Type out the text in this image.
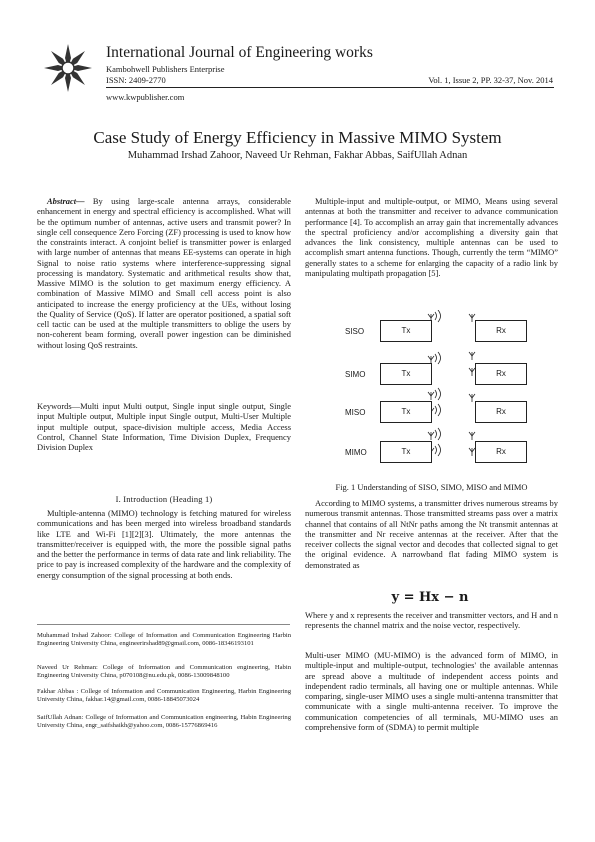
International Journal of Engineering works
Kambohwell Publishers Enterprise
ISSN: 2409-2770	Vol. 1, Issue 2, PP. 32-37, Nov. 2014
www.kwpublisher.com
Case Study of Energy Efficiency in Massive MIMO System
Muhammad Irshad Zahoor, Naveed Ur Rehman, Fakhar Abbas, SaifUllah Adnan

Abstract— By using large-scale antenna arrays, considerable enhancement in energy and spectral efficiency is accomplished. What will be the optimum number of antennas, active users and transmit power? In single cell consequence Zero Forcing (ZF) processing is used to know how the constraints interact. A conjoint belief is transmitter power is enlarged with large number of antennas that means EE-systems can operate in high Signal to noise ratio systems where interference-suppressing signal processing is mandatory. Systematic and arithmetical results show that, Massive MIMO is the solution to get maximum energy efficiency. A combination of Massive MIMO and Small cell access point is also anticipated to increase the energy proficiency at the UEs, without losing the Quality of Service (QoS). If latter are operator positioned, a spatial soft cell tactic can be used at the multiple transmitters to oblige the users by non-coherent beam forming, overall power ingestion can be diminished without losing QoS restraints.

Keywords—Multi input Multi output, Single input single output, Single input Multiple output, Multiple input Single output, Multi-User Multiple input multiple output, space-division multiple access, Media Access Control, Channel State Information, Time Division Duplex, Frequency Division Duplex

I. Introduction (Heading 1)

Multiple-antenna (MIMO) technology is fetching matured for wireless communications and has been merged into wireless broadband standards like LTE and Wi-Fi [1][2][3]. Ultimately, the more antennas the transmitter/receiver is equipped with, the more the possible signal paths and the better the performance in terms of data rate and link reliability. The price to pay is increased complexity of the hardware and the complexity of energy consumption of the signal processing at both ends.

Muhammad Irshad Zahoor: College of Information and Communication Engineering Harbin Engineering University China, engineerirshad89@gmail.com, 0086-18346193101
Naveed Ur Rehman: College of Information and Communication engineering, Habin Engineering University China, p070108@nu.edu.pk, 0086-13009848100
Fakhar Abbas : College of Information and Communication Engineering, Harbin Engineering University China, fakhar.14@gmail.com, 0086-18845073024
SaifUllah Adnan: College of Information and Communication engineering, Habin Engineering University China, engr_saifshaikh@yahoo.com, 0086-15776869416

Multiple-input and multiple-output, or MIMO, Means using several antennas at both the transmitter and receiver to advance communication performance [4]. To accomplish an array gain that incrementally advances the spectral proficiency and/or accomplishing a diversity gain that advances the link consistency, multiple antennas can be used to accomplish smart antenna functions. Though, currently the term “MIMO” generally states to a scheme for enlarging the capacity of a radio link by manipulating multipath propagation [5].

SISO	Tx	Rx
SIMO	Tx	Rx
MISO	Tx	Rx
MIMO	Tx	Rx
Fig. 1 Understanding of SISO, SIMO, MISO and MIMO

According to MIMO systems, a transmitter drives numerous streams by numerous transmit antennas. Those transmitted streams pass over a matrix channel that contains of all NtNr paths among the Nt transmit antennas at the transmitter and Nr receive antennas at the receiver. After that the receiver collects the signal vector and decodes that collected signal to get the original evidence. A narrowband flat fading MIMO system is demonstrated as

y = Hx − n

Where y and x represents the receiver and transmitter vectors, and H and n represents the channel matrix and the noise vector, respectively.

Multi-user MIMO (MU-MIMO) is the advanced form of MIMO, in multiple-input and multiple-output, technologies' the available antennas are spread above a multitude of independent access points and independent radio terminals, all having one or multiple antennas. While comparing, single-user MIMO uses a single multi-antenna transmitter that communicate with a single multi-antenna receiver. To improve the communication competencies of all terminals, MU-MIMO uses an comprehensive form of (SDMA) to permit multiple
